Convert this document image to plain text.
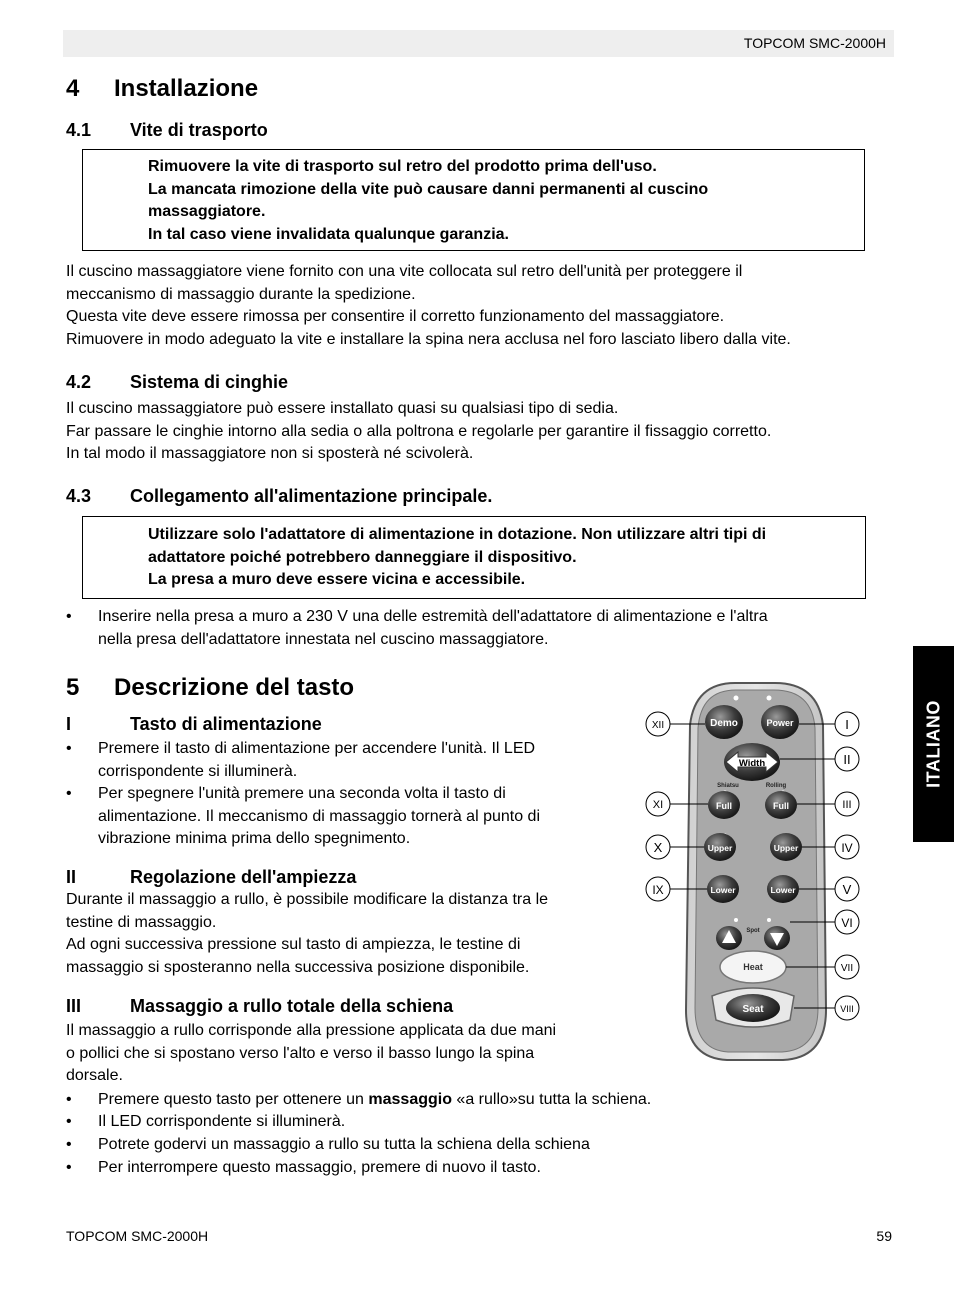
TOPCOM SMC-2000H
4 Installazione
4.1 Vite di trasporto

Rimuovere la vite di trasporto sul retro del prodotto prima dell'uso.

La mancata rimozione della vite può causare danni permanenti al cuscino

massaggiatore.

In tal caso viene invalidata qualunque garanzia.

Il cuscino massaggiatore viene fornito con una vite collocata sul retro dell'unità per proteggere il
meccanismo di massaggio durante la spedizione.
Questa vite deve essere rimossa per consentire il corretto funzionamento del massaggiatore.
Rimuovere in modo adeguato la vite e installare la spina nera acclusa nel foro lasciato libero dalla vite.
4.2 Sistema di cinghie
Il cuscino massaggiatore può essere installato quasi su qualsiasi tipo di sedia.
Far passare le cinghie intorno alla sedia o alla poltrona e regolarle per garantire il fissaggio corretto.
In tal modo il massaggiatore non si sposterà né scivolerà.
4.3 Collegamento all'alimentazione principale.

Utilizzare solo l'adattatore di alimentazione in dotazione. Non utilizzare altri tipi di

adattatore poiché potrebbero danneggiare il dispositivo.

La presa a muro deve essere vicina e accessibile.

• Inserire nella presa a muro a 230 V una delle estremità dell'adattatore di alimentazione e l'altra
nella presa dell'adattatore innestata nel cuscino massaggiatore.
5 Descrizione del tasto
I	Tasto di alimentazione
• Premere il tasto di alimentazione per accendere l'unità. Il LED
corrispondente si illuminerà.
• Per spegnere l'unità premere una seconda volta il tasto di
alimentazione. Il meccanismo di massaggio tornerà al punto di
vibrazione minima prima dello spegnimento.
II	Regolazione dell'ampiezza
Durante il massaggio a rullo, è possibile modificare la distanza tra le
testine di massaggio.
Ad ogni successiva pressione sul tasto di ampiezza, le testine di
massaggio si sposteranno nella successiva posizione disponibile.
III	Massaggio a rullo totale della schiena
Il massaggio a rullo corrisponde alla pressione applicata da due mani
o pollici che si spostano verso l'alto e verso il basso lungo la spina
dorsale.
• Premere questo tasto per ottenere un massaggio «a rullo»su tutta la schiena.
• Il LED corrispondente si illuminerà.
• Potrete godervi un massaggio a rullo su tutta la schiena della schiena
• Per interrompere questo massaggio, premere di nuovo il tasto.
Demo	Power
Width
Shiatsu	Rolling
Full	Full
Upper	Upper
Lower	Lower
Spot
Heat
Seat
XII	I
II
XI	III
X	IV
IX	V
VI
VII
VIII
ITALIANO
TOPCOM SMC-2000H	59
